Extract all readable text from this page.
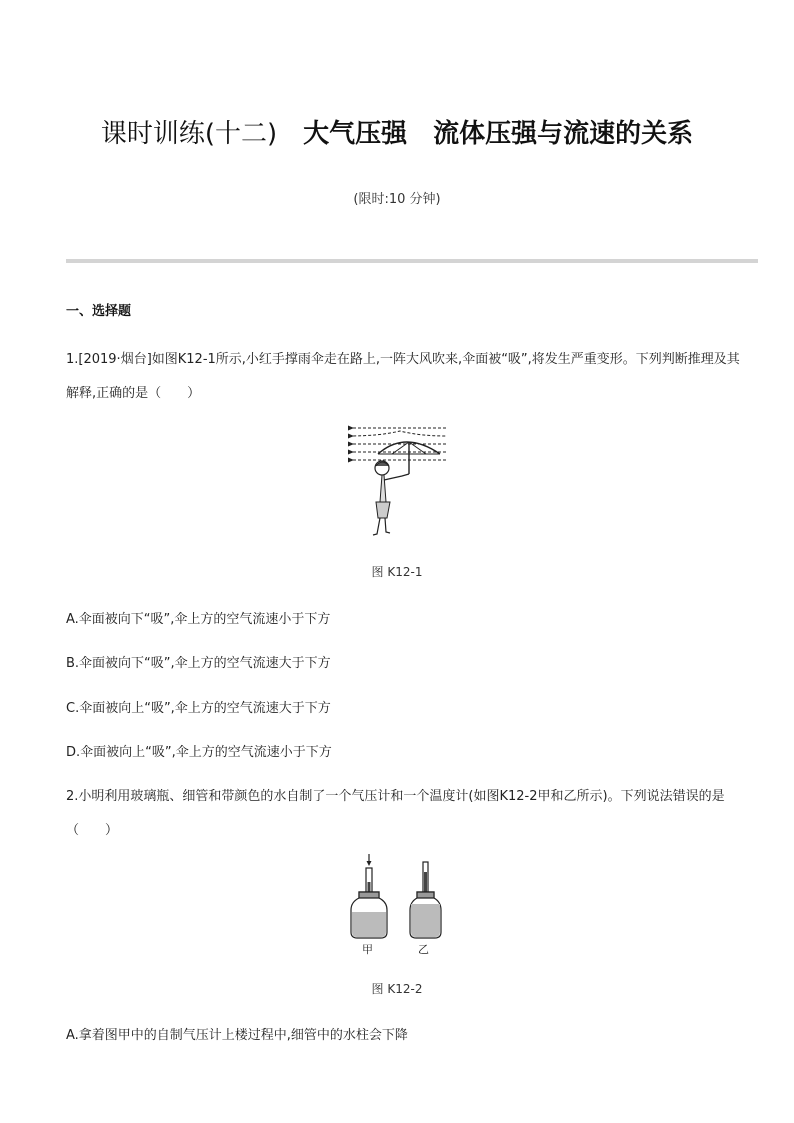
课时训练(十二) 大气压强 流体压强与流速的关系
(限时:10 分钟)
一、选择题
1.[2019·烟台]如图K12-1所示,小红手撑雨伞走在路上,一阵大风吹来,伞面被“吸”,将发生严重变形。下列判断推理及其解释,正确的是（　　）
图 K12-1
A.伞面被向下“吸”,伞上方的空气流速小于下方
B.伞面被向下“吸”,伞上方的空气流速大于下方
C.伞面被向上“吸”,伞上方的空气流速大于下方
D.伞面被向上“吸”,伞上方的空气流速小于下方
2.小明利用玻璃瓶、细管和带颜色的水自制了一个气压计和一个温度计(如图K12-2甲和乙所示)。下列说法错误的是（　　）
甲	乙
图 K12-2
A.拿着图甲中的自制气压计上楼过程中,细管中的水柱会下降
